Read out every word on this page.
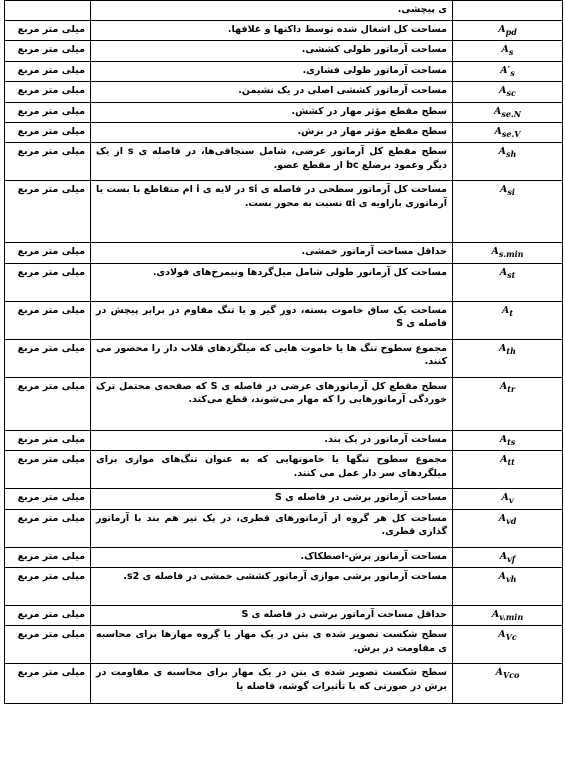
	ی پیچشی.	
میلی متر مربع	مساحت کل اشغال شده توسط داکتها و غلافها.	$A_{pd}$
میلی متر مربع	مساحت آرماتور طولی کششی.	$A_s$
میلی متر مربع	مساحت آرماتور طولی فشاری.	$A'_s$
میلی متر مربع	مساحت آرماتور کششی اصلی در یک نشیمن.	$A_{sc}$
میلی متر مربع	سطح مقطع مؤثر مهار در کشش.	$A_{se.N}$
میلی متر مربع	سطح مقطع مؤثر مهار در برش.	$A_{se.V}$
میلی متر مربع	سطح مقطع کل آرماتور عرضی، شامل سنجاقی‌ها، در فاصله ی s از یک دیگر وعمود برضلع bc از مقطع عضو.	$A_{sh}$
میلی متر مربع	مساحت کل آرماتور سطحی در فاصله ی si در لایه ی i ام متقاطع با بست یا آرماتوری بازاویه ی αi نسبت به محور بست.	$A_{si}$
میلی متر مربع	حداقل مساحت آرماتور خمشی.	$A_{s.min}$
میلی متر مربع	مساحت کل آرماتور طولی شامل میل‌گردها ونیمرخ‌های فولادی.	$A_{st}$
میلی متر مربع	مساحت یک ساق خاموت بسته، دور گیر و یا تنگ مقاوم در برابر پیچش در فاصله ی S	$A_t$
میلی متر مربع	مجموع سطوح تنگ ها یا خاموت هایی که میلگردهای قلاب دار را محصور می کنند.	$A_{th}$
میلی متر مربع	سطح مقطع کل آرماتورهای عرضی در فاصله ی S که صفحه‌ی محتمل ترک خوردگی آرماتورهایی را که مهار می‌شوند، قطع می‌کند.	$A_{tr}$
میلی متر مربع	مساحت آرماتور در یک بند.	$A_{ts}$
میلی متر مربع	مجموع سطوح تنگها یا خاموتهایی که به عنوان تنگ‌های موازی برای میلگردهای سر دار عمل می کنند.	$A_{tt}$
میلی متر مربع	مساحت آرماتور برشی در فاصله ی S	$A_v$
میلی متر مربع	مساحت کل هر گروه از آرماتورهای قطری، در یک تیر هم بند با آرماتور گذاری قطری.	$A_{vd}$
میلی متر مربع	مساحت آرماتور برش-اصطکاک.	$A_{vf}$
میلی متر مربع	مساحت آرماتور برشی موازی آرماتور کششی خمشی در فاصله ی s2.	$A_{vh}$
میلی متر مربع	حداقل مساحت آرماتور برشی در فاصله ی S	$A_{v.min}$
میلی متر مربع	سطح شکست تصویر شده ی بتن در یک مهار یا گروه مهارها برای محاسبه ی مقاومت در برش.	$A_{Vc}$
میلی متر مربع	سطح شکست تصویر شده ی بتن در یک مهار برای محاسبه ی مقاومت در برش در صورتی که با تأثیرات گوشه، فاصله یا	$A_{Vco}$
